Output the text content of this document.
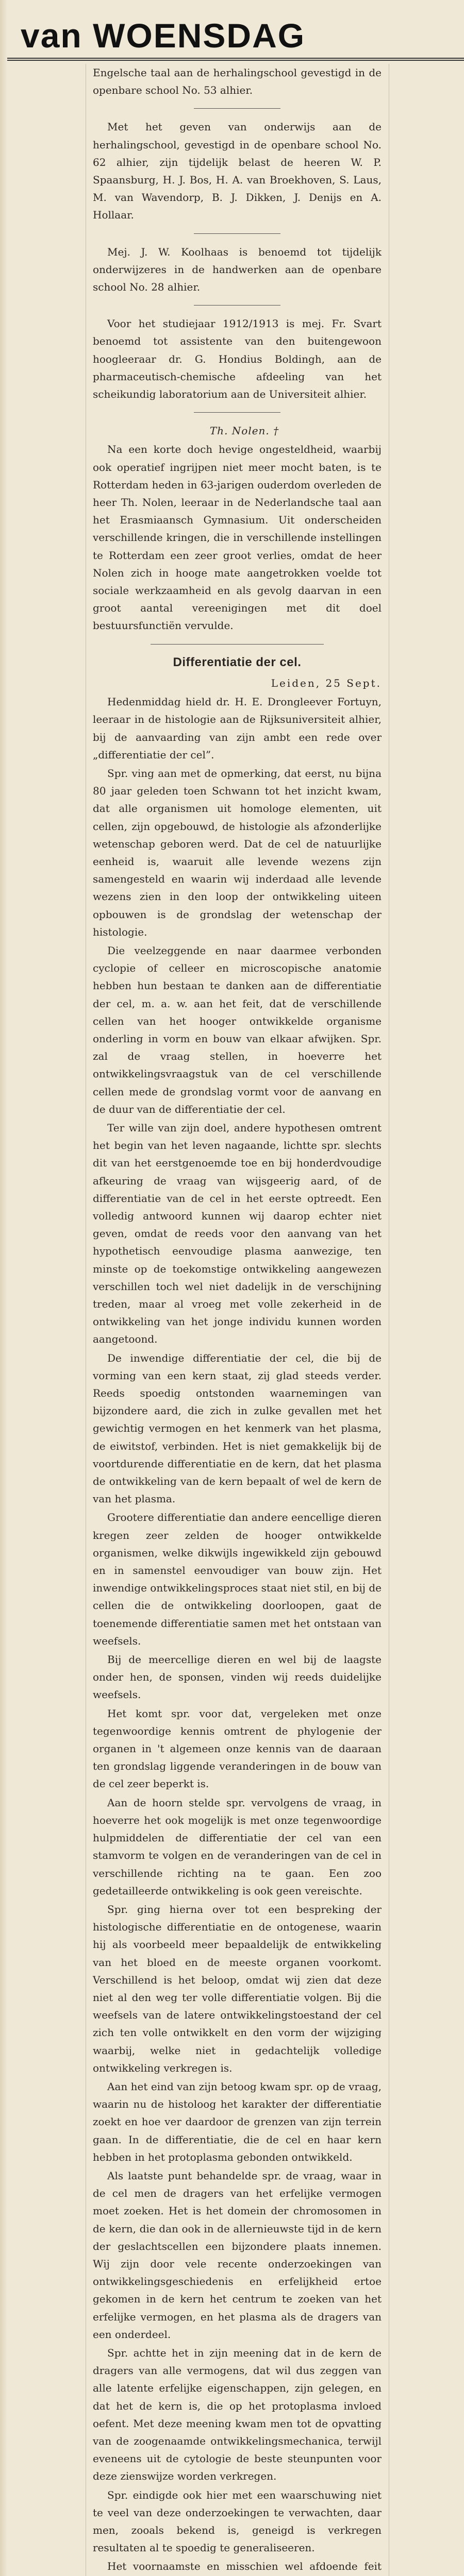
van WOENSDAG

Engelsche taal aan de herhalingschool gevestigd in de openbare school No. 53 alhier.

Met het geven van onderwijs aan de herhalingschool, gevestigd in de openbare school No. 62 alhier, zijn tijdelijk belast de heeren W. P. Spaansburg, H. J. Bos, H. A. van Broekhoven, S. Laus, M. van Wavendorp, B. J. Dikken, J. Denijs en A. Hollaar.

Mej. J. W. Koolhaas is benoemd tot tijdelijk onderwijzeres in de handwerken aan de openbare school No. 28 alhier.

Voor het studiejaar 1912/1913 is mej. Fr. Svart benoemd tot assistente van den buitengewoon hoogleeraar dr. G. Hondius Boldingh, aan de pharmaceutisch-chemische afdeeling van het scheikundig laboratorium aan de Universiteit alhier.

Th. Nolen. †

Na een korte doch hevige ongesteldheid, waarbij ook operatief ingrijpen niet meer mocht baten, is te Rotterdam heden in 63-jarigen ouderdom overleden de heer Th. Nolen, leeraar in de Nederlandsche taal aan het Erasmiaansch Gymnasium. Uit onderscheiden verschillende kringen, die in verschillende instellingen te Rotterdam een zeer groot verlies, omdat de heer Nolen zich in hooge mate aangetrokken voelde tot sociale werkzaamheid en als gevolg daarvan in een groot aantal vereenigingen met dit doel bestuursfunctiën vervulde.

Differentiatie der cel.

Leiden, 25 Sept.

Hedenmiddag hield dr. H. E. Drongleever Fortuyn, leeraar in de histologie aan de Rijksuniversiteit alhier, bij de aanvaarding van zijn ambt een rede over „differentiatie der cel”.

Spr. ving aan met de opmerking, dat eerst, nu bijna 80 jaar geleden toen Schwann tot het inzicht kwam, dat alle organismen uit homologe elementen, uit cellen, zijn opgebouwd, de histologie als afzonderlijke wetenschap geboren werd. Dat de cel de natuurlijke eenheid is, waaruit alle levende wezens zijn samengesteld en waarin wij inderdaad alle levende wezens zien in den loop der ontwikkeling uiteen opbouwen is de grondslag der wetenschap der histologie.

Die veelzeggende en naar daarmee verbonden cyclopie of celleer en microscopische anatomie hebben hun bestaan te danken aan de differentiatie der cel, m. a. w. aan het feit, dat de verschillende cellen van het hooger ontwikkelde organisme onderling in vorm en bouw van elkaar afwijken. Spr. zal de vraag stellen, in hoeverre het ontwikkelingsvraagstuk van de cel verschillende cellen mede de grondslag vormt voor de aanvang en de duur van de differentiatie der cel.

Ter wille van zijn doel, andere hypothesen omtrent het begin van het leven nagaande, lichtte spr. slechts dit van het eerstgenoemde toe en bij honderdvoudige afkeuring de vraag van wijsgeerig aard, of de differentiatie van de cel in het eerste optreedt. Een volledig antwoord kunnen wij daarop echter niet geven, omdat de reeds voor den aanvang van het hypothetisch eenvoudige plasma aanwezige, ten minste op de toekomstige ontwikkeling aangewezen verschillen toch wel niet dadelijk in de verschijning treden, maar al vroeg met volle zekerheid in de ontwikkeling van het jonge individu kunnen worden aangetoond.

De inwendige differentiatie der cel, die bij de vorming van een kern staat, zij glad steeds verder. Reeds spoedig ontstonden waarnemingen van bijzondere aard, die zich in zulke gevallen met het gewichtig vermogen en het kenmerk van het plasma, de eiwitstof, verbinden. Het is niet gemakkelijk bij de voortdurende differentiatie en de kern, dat het plasma de ontwikkeling van de kern bepaalt of wel de kern de van het plasma.

Grootere differentiatie dan andere eencellige dieren kregen zeer zelden de hooger ontwikkelde organismen, welke dikwijls ingewikkeld zijn gebouwd en in samenstel eenvoudiger van bouw zijn. Het inwendige ontwikkelingsproces staat niet stil, en bij de cellen die de ontwikkeling doorloopen, gaat de toenemende differentiatie samen met het ontstaan van weefsels.

Bij de meercellige dieren en wel bij de laagste onder hen, de sponsen, vinden wij reeds duidelijke weefsels.

Het komt spr. voor dat, vergeleken met onze tegenwoordige kennis omtrent de phylogenie der organen in 't algemeen onze kennis van de daaraan ten grondslag liggende veranderingen in de bouw van de cel zeer beperkt is.

Aan de hoorn stelde spr. vervolgens de vraag, in hoeverre het ook mogelijk is met onze tegenwoordige hulpmiddelen de differentiatie der cel van een stamvorm te volgen en de veranderingen van de cel in verschillende richting na te gaan. Een zoo gedetailleerde ontwikkeling is ook geen vereischte.

Spr. ging hierna over tot een bespreking der histologische differentiatie en de ontogenese, waarin hij als voorbeeld meer bepaaldelijk de entwikkeling van het bloed en de meeste organen voorkomt. Verschillend is het beloop, omdat wij zien dat deze niet al den weg ter volle differentiatie volgen. Bij die weefsels van de latere ontwikkelingstoestand der cel zich ten volle ontwikkelt en den vorm der wijziging waarbij, welke niet in gedachtelijk volledige ontwikkeling verkregen is.

Aan het eind van zijn betoog kwam spr. op de vraag, waarin nu de histoloog het karakter der differentiatie zoekt en hoe ver daardoor de grenzen van zijn terrein gaan. In de differentiatie, die de cel en haar kern hebben in het protoplasma gebonden ontwikkeld.

Als laatste punt behandelde spr. de vraag, waar in de cel men de dragers van het erfelijke vermogen moet zoeken. Het is het domein der chromosomen in de kern, die dan ook in de allernieuwste tijd in de kern der geslachtscellen een bijzondere plaats innemen. Wij zijn door vele recente onderzoekingen van ontwikkelingsgeschiedenis en erfelijkheid ertoe gekomen in de kern het centrum te zoeken van het erfelijke vermogen, en het plasma als de dragers van een onderdeel.

Spr. achtte het in zijn meening dat in de kern de dragers van alle vermogens, dat wil dus zeggen van alle latente erfelijke eigenschappen, zijn gelegen, en dat het de kern is, die op het protoplasma invloed oefent. Met deze meening kwam men tot de opvatting van de zoogenaamde ontwikkelingsmechanica, terwijl eveneens uit de cytologie de beste steunpunten voor deze zienswijze worden verkregen.

Spr. eindigde ook hier met een waarschuwing niet te veel van deze onderzoekingen te verwachten, daar men, zooals bekend is, geneigd is verkregen resultaten al te spoedig te generaliseeren.

Het voornaamste en misschien wel afdoende feit
